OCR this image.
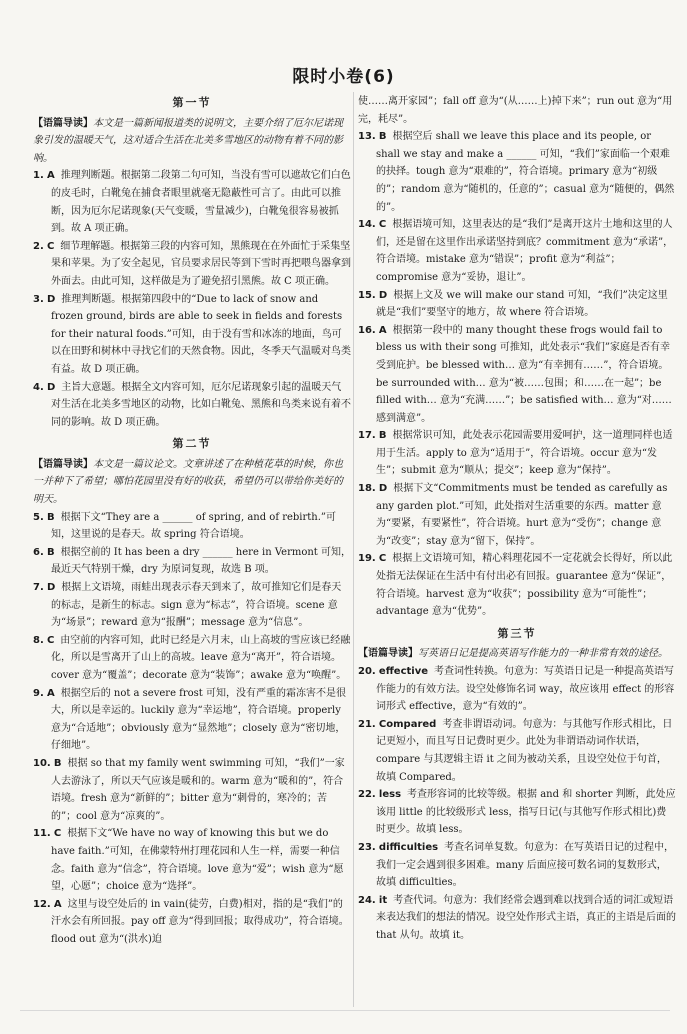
限时小卷(6)
第一节
【语篇导读】本文是一篇新闻报道类的说明文，主要介绍了厄尔尼诺现象引发的温暖天气，这对适合生活在北美多雪地区的动物有着不同的影响。
1. A 推理判断题。根据第二段第二句可知，当没有雪可以遮故它们白色的皮毛时，白靴兔在捕食者眼里就毫无隐蔽性可言了。由此可以推断，因为厄尔尼诺现象(天气变暖，雪量减少)，白靴兔很容易被抓到。故 A 项正确。
2. C 细节理解题。根据第三段的内容可知，黑熊现在在外面忙于采集坚果和苹果。为了安全起见，官员要求居民等到下雪时再把喂鸟器拿到外面去。由此可知，这样做是为了避免招引黑熊。故 C 项正确。
3. D 推理判断题。根据第四段中的“Due to lack of snow and frozen ground, birds are able to seek in fields and forests for their natural foods.”可知，由于没有雪和冰冻的地面，鸟可以在田野和树林中寻找它们的天然食物。因此，冬季天气温暖对鸟类有益。故 D 项正确。
4. D 主旨大意题。根据全文内容可知，厄尔尼诺现象引起的温暖天气对生活在北美多雪地区的动物，比如白靴兔、黑熊和鸟类来说有着不同的影响。故 D 项正确。
第二节
【语篇导读】本文是一篇议论文。文章讲述了在种植花草的时候，你也一并种下了希望；哪怕花园里没有好的收获，希望仍可以带给你美好的明天。
5. B 根据下文“They are a ______ of spring, and of rebirth.”可知，这里说的是春天。故 spring 符合语境。
6. B 根据空前的 It has been a dry ______ here in Vermont 可知，最近天气特别干燥，dry 为原词复现，故选 B 项。
7. D 根据上文语境，雨蛙出现表示春天到来了，故可推知它们是春天的标志，是新生的标志。sign 意为“标志”，符合语境。scene 意为“场景”；reward 意为“报酬”；message 意为“信息”。
8. C 由空前的内容可知，此时已经是六月末，山上高坡的雪应该已经融化，所以是雪离开了山上的高坡。leave 意为“离开”，符合语境。cover 意为“覆盖”；decorate 意为“装饰”；awake 意为“唤醒”。
9. A 根据空后的 not a severe frost 可知，没有严重的霜冻害不是很大，所以是幸运的。luckily 意为“幸运地”，符合语境。properly 意为“合适地”；obviously 意为“显然地”；closely 意为“密切地，仔细地”。
10. B 根据 so that my family went swimming 可知，“我们”一家人去游泳了，所以天气应该是暖和的。warm 意为“暖和的”，符合语境。fresh 意为“新鲜的”；bitter 意为“刺骨的，寒冷的；苦的”；cool 意为“凉爽的”。
11. C 根据下文“We have no way of knowing this but we do have faith.”可知，在佛蒙特州打理花园和人生一样，需要一种信念。faith 意为“信念”，符合语境。love 意为“爱”；wish 意为“愿望，心愿”；choice 意为“选择”。
12. A 这里与设空处后的 in vain(徒劳，白费)相对，指的是“我们”的汗水会有所回报。pay off 意为“得到回报；取得成功”，符合语境。flood out 意为“(洪水)迫
使……离开家园”；fall off 意为“(从……上)掉下来”；run out 意为“用完，耗尽”。
13. B 根据空后 shall we leave this place and its people, or shall we stay and make a ______ 可知，“我们”家面临一个艰难的抉择。tough 意为“艰难的”，符合语境。primary 意为“初级的”；random 意为“随机的，任意的”；casual 意为“随便的，偶然的”。
14. C 根据语境可知，这里表达的是“我们”是离开这片土地和这里的人们，还是留在这里作出承诺坚持到底？commitment 意为“承诺”，符合语境。mistake 意为“错误”；profit 意为“利益”；compromise 意为“妥协，退让”。
15. D 根据上文及 we will make our stand 可知，“我们”决定这里就是“我们”要坚守的地方，故 where 符合语境。
16. A 根据第一段中的 many thought these frogs would fail to bless us with their song 可推知，此处表示“我们”家庭是否有幸受到庇护。be blessed with… 意为“有幸拥有……”，符合语境。be surrounded with… 意为“被……包围；和……在一起”；be filled with… 意为“充满……”；be satisfied with… 意为“对……感到满意”。
17. B 根据常识可知，此处表示花园需要用爱呵护，这一道理同样也适用于生活。apply to 意为“适用于”，符合语境。occur 意为“发生”；submit 意为“顺从；提交”；keep 意为“保持”。
18. D 根据下文“Commitments must be tended as carefully as any garden plot.”可知，此处指对生活重要的东西。matter 意为“要紧，有要紧性”，符合语境。hurt 意为“受伤”；change 意为“改变”；stay 意为“留下，保持”。
19. C 根据上文语境可知，精心料理花园不一定花就会长得好，所以此处指无法保证在生活中有付出必有回报。guarantee 意为“保证”，符合语境。harvest 意为“收获”；possibility 意为“可能性”；advantage 意为“优势”。
第三节
【语篇导读】写英语日记是提高英语写作能力的一种非常有效的途径。
20. effective 考查词性转换。句意为：写英语日记是一种提高英语写作能力的有效方法。设空处修饰名词 way，故应该用 effect 的形容词形式 effective，意为“有效的”。
21. Compared 考查非谓语动词。句意为：与其他写作形式相比，日记更短小，而且写日记费时更少。此处为非谓语动词作状语，compare 与其逻辑主语 it 之间为被动关系，且设空处位于句首，故填 Compared。
22. less 考查形容词的比较等级。根据 and 和 shorter 判断，此处应该用 little 的比较级形式 less，指写日记(与其他写作形式相比)费时更少。故填 less。
23. difficulties 考查名词单复数。句意为：在写英语日记的过程中，我们一定会遇到很多困难。many 后面应接可数名词的复数形式，故填 difficulties。
24. it 考查代词。句意为：我们经常会遇到难以找到合适的词汇或短语来表达我们的想法的情况。设空处作形式主语，真正的主语是后面的 that 从句。故填 it。
